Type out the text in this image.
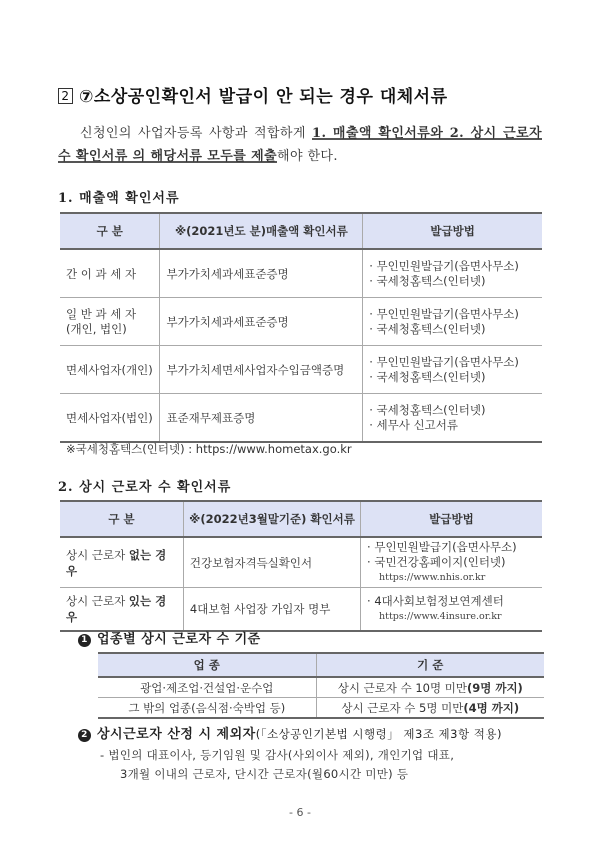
2 ⑦소상공인확인서 발급이 안 되는 경우 대체서류
신청인의 사업자등록 사항과 적합하게 1. 매출액 확인서류와 2. 상시 근로자 수 확인서류 의 해당서류 모두를 제출해야 한다.
1. 매출액 확인서류
구 분	※(2021년도 분)매출액 확인서류	발급방법
간 이 과 세 자	부가가치세과세표준증명	· 무인민원발급기(읍면사무소)
· 국세청홈텍스(인터넷)

일 반 과 세 자
(개인, 법인)	부가가치세과세표준증명	
· 무인민원발급기(읍면사무소)
· 국세청홈텍스(인터넷)

면세사업자(개인)	부가가치세면세사업자수입금액증명	· 무인민원발급기(읍면사무소)
· 국세청홈텍스(인터넷)

면세사업자(법인)	표준재무제표증명	· 국세청홈텍스(인터넷)
· 세무사 신고서류
※국세청홈텍스(인터넷) : https://www.hometax.go.kr
2. 상시 근로자 수 확인서류
구 분	※(2022년3월말기준) 확인서류	발급방법
상시 근로자 없는 경우	건강보험자격득실확인서	· 무인민원발급기(읍면사무소)
· 국민건강홈페이지(인터넷)
https://www.nhis.or.kr

상시 근로자 있는 경우	4대보험 사업장 가입자 명부	· 4대사회보험정보연계센터
https://www.4insure.or.kr
1 업종별 상시 근로자 수 기준
업 종	기 준
광업·제조업·건설업·운수업	상시 근로자 수 10명 미만(9명 까지)
그 밖의 업종(음식점·숙박업 등)	상시 근로자 수 5명 미만(4명 까지)
2 상시근로자 산정 시 제외자(「소상공인기본법 시행령」 제3조 제3항 적용)
- 법인의 대표이사, 등기임원 및 감사(사외이사 제외), 개인기업 대표,
3개월 이내의 근로자, 단시간 근로자(월60시간 미만) 등
- 6 -
